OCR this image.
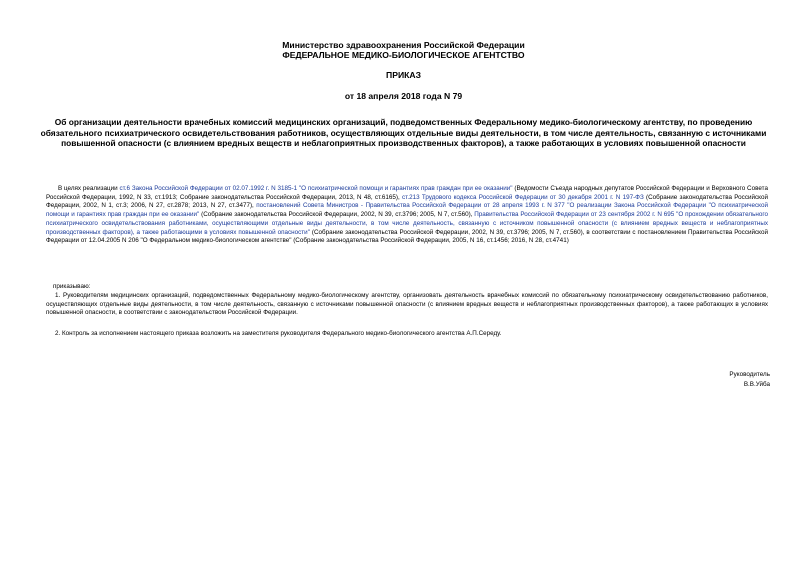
Министерство здравоохранения Российской Федерации
ФЕДЕРАЛЬНОЕ МЕДИКО-БИОЛОГИЧЕСКОЕ АГЕНТСТВО
ПРИКАЗ
от 18 апреля 2018 года N 79
Об организации деятельности врачебных комиссий медицинских организаций, подведомственных Федеральному медико-биологическому агентству, по проведению обязательного психиатрического освидетельствования работников, осуществляющих отдельные виды деятельности, в том числе деятельность, связанную с источниками повышенной опасности (с влиянием вредных веществ и неблагоприятных производственных факторов), а также работающих в условиях повышенной опасности
В целях реализации ст.6 Закона Российской Федерации от 02.07.1992 г. N 3185-1 "О психиатрической помощи и гарантиях прав граждан при ее оказании" (Ведомости Съезда народных депутатов Российской Федерации и Верховного Совета Российской Федерации, 1992, N 33, ст.1913; Собрание законодательства Российской Федерации, 2013, N 48, ст.6165), ст.213 Трудового кодекса Российской Федерации от 30 декабря 2001 г. N 197-ФЗ (Собрание законодательства Российской Федерации, 2002, N 1, ст.3; 2006, N 27, ст.2878; 2013, N 27, ст.3477), постановлений Совета Министров - Правительства Российской Федерации от 28 апреля 1993 г. N 377 "О реализации Закона Российской Федерации "О психиатрической помощи и гарантиях прав граждан при ее оказании" (Собрание законодательства Российской Федерации, 2002, N 39, ст.3796; 2005, N 7, ст.560), Правительства Российской Федерации от 23 сентября 2002 г. N 695 "О прохождении обязательного психиатрического освидетельствования работниками, осуществляющими отдельные виды деятельности, в том числе деятельность, связанную с источником повышенной опасности (с влиянием вредных веществ и неблагоприятных производственных факторов), а также работающими в условиях повышенной опасности" (Собрание законодательства Российской Федерации, 2002, N 39, ст.3796; 2005, N 7, ст.560), в соответствии с постановлением Правительства Российской Федерации от 12.04.2005 N 206 "О Федеральном медико-биологическом агентстве" (Собрание законодательства Российской Федерации, 2005, N 16, ст.1456; 2016, N 28, ст.4741)
приказываю:
1. Руководителям медицинских организаций, подведомственных Федеральному медико-биологическому агентству, организовать деятельность врачебных комиссий по обязательному психиатрическому освидетельствованию работников, осуществляющих отдельные виды деятельности, в том числе деятельность, связанную с источниками повышенной опасности (с влиянием вредных веществ и неблагоприятных производственных факторов), а также работающих в условиях повышенной опасности, в соответствии с законодательством Российской Федерации.
2. Контроль за исполнением настоящего приказа возложить на заместителя руководителя Федерального медико-биологического агентства А.П.Середу.
Руководитель
В.В.Уйба
